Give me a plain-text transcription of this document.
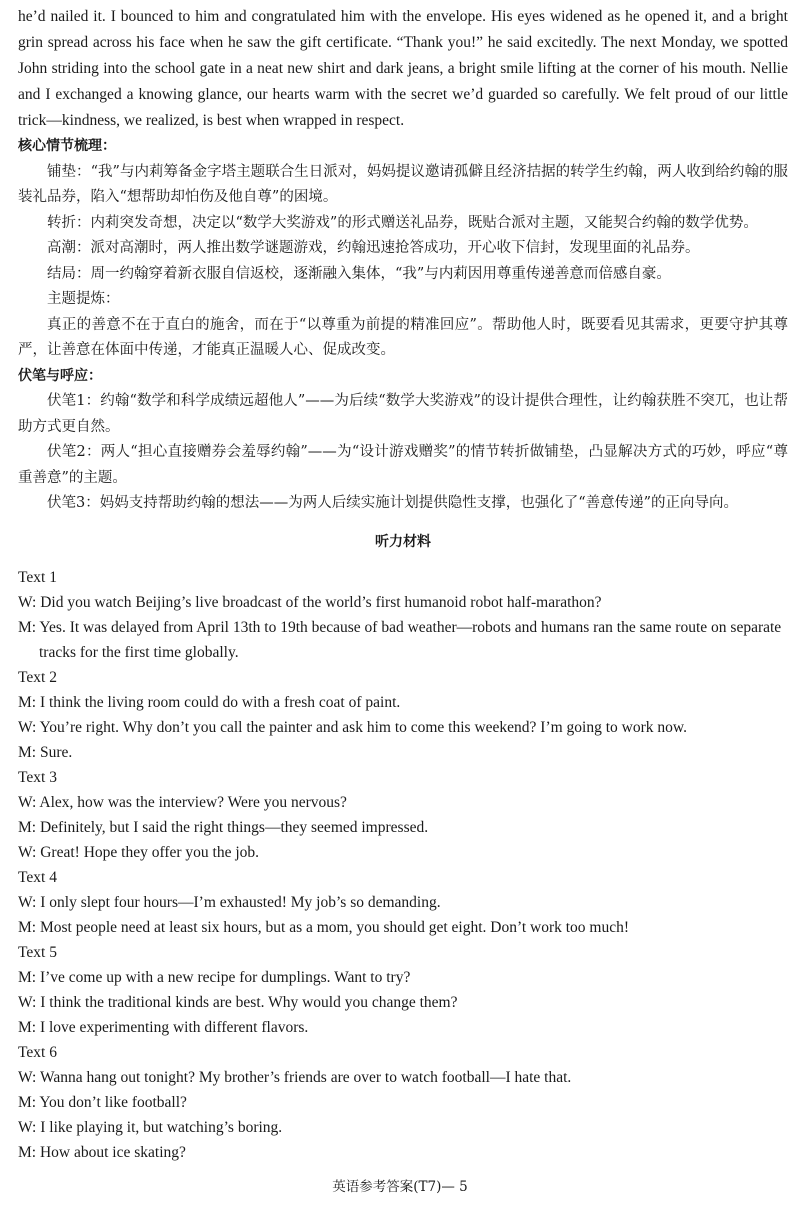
he’d nailed it. I bounced to him and congratulated him with the envelope. His eyes widened as he opened it, and a bright grin spread across his face when he saw the gift certificate. “Thank you!” he said excitedly. The next Monday, we spotted John striding into the school gate in a neat new shirt and dark jeans, a bright smile lifting at the corner of his mouth. Nellie and I exchanged a knowing glance, our hearts warm with the secret we’d guarded so carefully. We felt proud of our little trick—kindness, we realized, is best when wrapped in respect.

核心情节梳理：

铺垫：“我”与内莉筹备金字塔主题联合生日派对，妈妈提议邀请孤僻且经济拮据的转学生约翰，两人收到给约翰的服装礼品券，陷入“想帮助却怕伤及他自尊”的困境。

转折：内莉突发奇想，决定以“数学大奖游戏”的形式赠送礼品券，既贴合派对主题，又能契合约翰的数学优势。

高潮：派对高潮时，两人推出数学谜题游戏，约翰迅速抢答成功，开心收下信封，发现里面的礼品券。

结局：周一约翰穿着新衣服自信返校，逐渐融入集体，“我”与内莉因用尊重传递善意而倍感自豪。

主题提炼：

真正的善意不在于直白的施舍，而在于“以尊重为前提的精准回应”。帮助他人时，既要看见其需求，更要守护其尊严，让善意在体面中传递，才能真正温暖人心、促成改变。

伏笔与呼应：

伏笔1：约翰“数学和科学成绩远超他人”——为后续“数学大奖游戏”的设计提供合理性，让约翰获胜不突兀，也让帮助方式更自然。

伏笔2：两人“担心直接赠券会羞辱约翰”——为“设计游戏赠奖”的情节转折做铺垫，凸显解决方式的巧妙，呼应“尊重善意”的主题。

伏笔3：妈妈支持帮助约翰的想法——为两人后续实施计划提供隐性支撑，也强化了“善意传递”的正向导向。

听力材料

Text 1

W: Did you watch Beijing’s live broadcast of the world’s first humanoid robot half-marathon?

M: Yes. It was delayed from April 13th to 19th because of bad weather—robots and humans ran the same route on separate tracks for the first time globally.

Text 2

M: I think the living room could do with a fresh coat of paint.

W: You’re right. Why don’t you call the painter and ask him to come this weekend? I’m going to work now.

M: Sure.

Text 3

W: Alex, how was the interview? Were you nervous?

M: Definitely, but I said the right things—they seemed impressed.

W: Great! Hope they offer you the job.

Text 4

W: I only slept four hours—I’m exhausted! My job’s so demanding.

M: Most people need at least six hours, but as a mom, you should get eight. Don’t work too much!

Text 5

M: I’ve come up with a new recipe for dumplings. Want to try?

W: I think the traditional kinds are best. Why would you change them?

M: I love experimenting with different flavors.

Text 6

W: Wanna hang out tonight? My brother’s friends are over to watch football—I hate that.

M: You don’t like football?

W: I like playing it, but watching’s boring.

M: How about ice skating?

英语参考答案(T7)— 5
